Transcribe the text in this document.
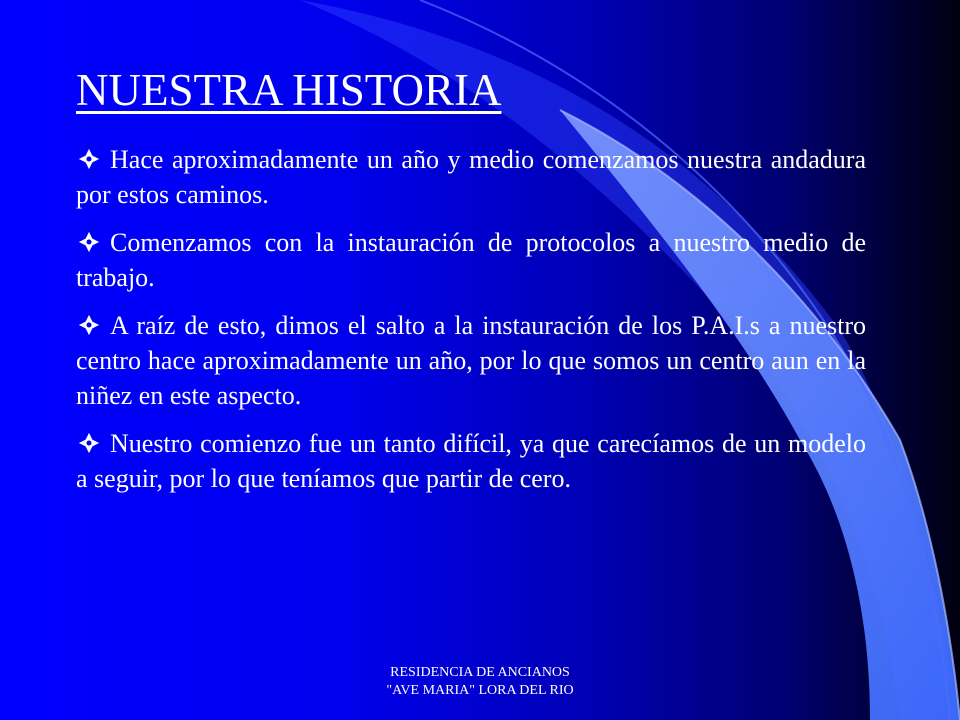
NUESTRA HISTORIA
Hace aproximadamente un año y medio comenzamos nuestra andadura por estos caminos.
Comenzamos con la instauración de protocolos a nuestro medio de trabajo.
A raíz de esto, dimos el salto a la instauración de los P.A.I.s a nuestro centro hace aproximadamente un año, por lo que somos un centro aun en la niñez en este aspecto.
Nuestro comienzo fue un tanto difícil, ya que carecíamos de un modelo a seguir, por lo que teníamos que partir de cero.
RESIDENCIA DE ANCIANOS
"AVE MARIA" LORA DEL RIO
